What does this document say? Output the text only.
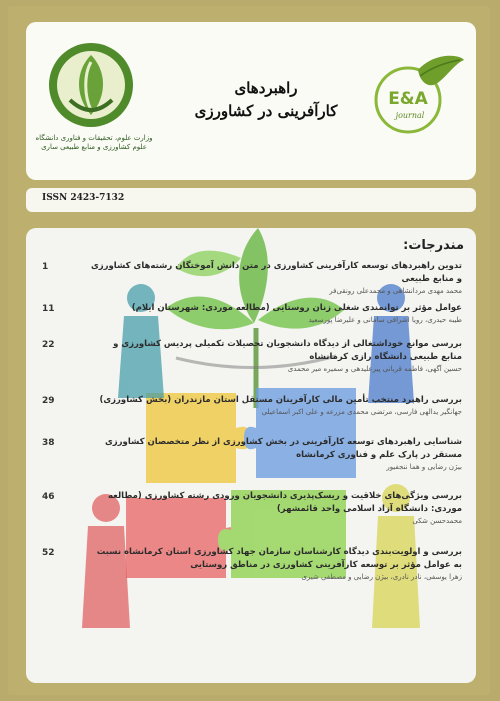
وزارت علوم، تحقیقات و فناوری دانشگاه علوم کشاورزی و منابع طبیعی ساری
راهبردهای
کارآفرینی در کشاورزی
E&A
journal
ISSN 2423-7132
مندرجات:
تدوین راهبردهای توسعه کارآفرینی کشاورزی در متن دانش آموختگان رشته‌های کشاورزی و منابع طبیعی
محمد مهدی مردانشاهی و محمدعلی رونقی‌فر
1
عوامل مؤثر بر توانمندی شغلی زنان روستایی (مطالعه موردی: شهرستان ایلام)
طیبه حیدری، رویا اشراقی سامانی و علیرضا پورسعید
11
بررسی موانع خوداشتغالی از دیدگاه دانشجویان تحصیلات تکمیلی پردیس کشاورزی و منابع طبیعی دانشگاه رازی کرمانشاه
حسین آگهی، فاطمه قربانی پیرعلیدهی و سمیره میر محمدی
22
بررسی راهبرد منتخب تأمین مالی کارآفرینان مستقل استان مازندران (بخش کشاورزی)
جهانگیر یدالهی فارسی، مرتضی محمدی مزرعه و علی اکبر اسماعیلی
29
شناسایی راهبردهای توسعه کارآفرینی در بخش کشاورزی از نظر متخصصان کشاورزی مستقر در پارک علم و فناوری کرمانشاه
بیژن رضایی و هما ننجفیور
38
بررسی ویژگی‌های خلاقیت و ریسک‌پذیری دانشجویان ورودی رشته کشاورزی (مطالعه موردی: دانشگاه آزاد اسلامی واحد قائمشهر)
محمدحسن شکی
46
بررسی و اولویت‌بندی دیدگاه کارشناسان سازمان جهاد کشاورزی استان کرمانشاه نسبت به عوامل مؤثر بر توسعه کارآفرینی کشاورزی در مناطق روستایی
زهرا یوسفی، نادر نادری، بیژن رضایی و مصطفی شیری
52
